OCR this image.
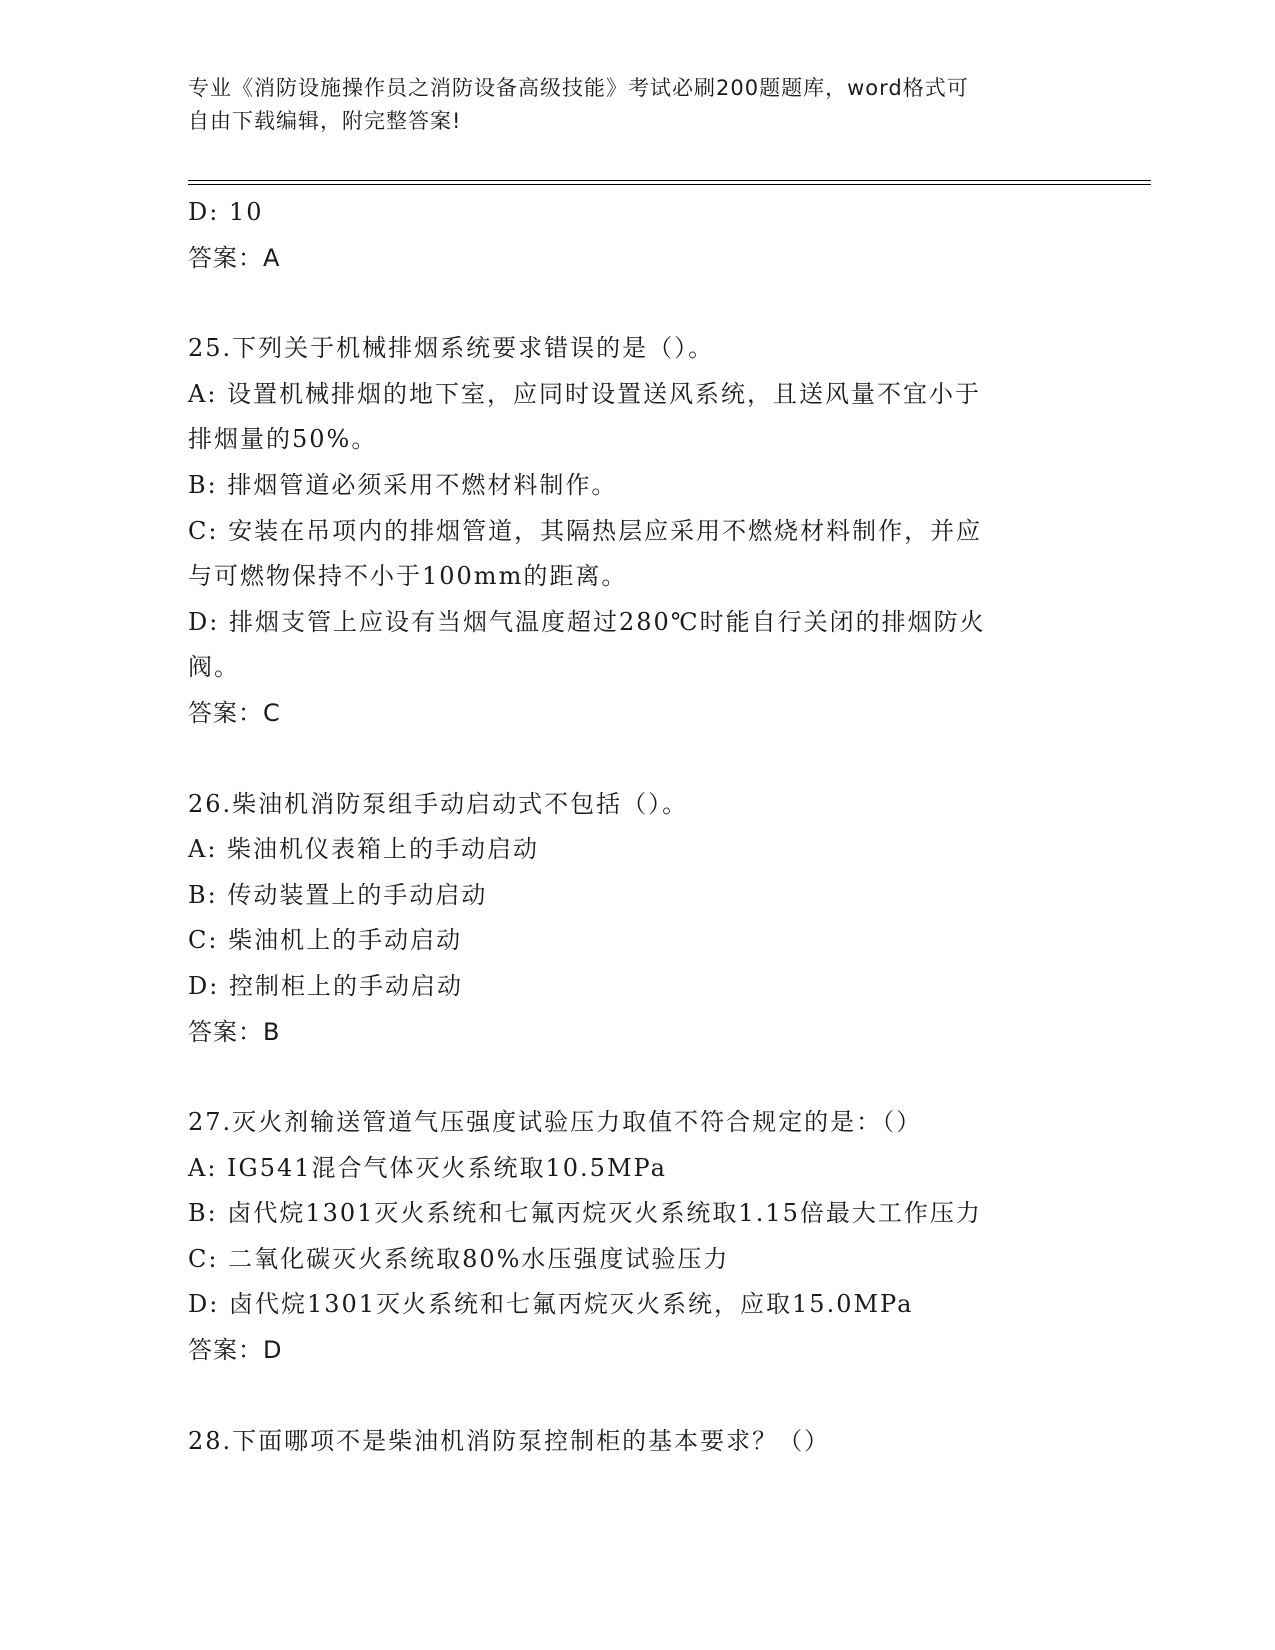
专业《消防设施操作员之消防设备高级技能》考试必刷200题题库，word格式可
自由下载编辑，附完整答案!
D: 10
答案：A
25.下列关于机械排烟系统要求错误的是（）。
A: 设置机械排烟的地下室，应同时设置送风系统，且送风量不宜小于
排烟量的50%。
B: 排烟管道必须采用不燃材料制作。
C: 安装在吊项内的排烟管道，其隔热层应采用不燃烧材料制作，并应
与可燃物保持不小于100mm的距离。
D: 排烟支管上应设有当烟气温度超过280℃时能自行关闭的排烟防火
阀。
答案：C
26.柴油机消防泵组手动启动式不包括（）。
A: 柴油机仪表箱上的手动启动
B: 传动装置上的手动启动
C: 柴油机上的手动启动
D: 控制柜上的手动启动
答案：B
27.灭火剂输送管道气压强度试验压力取值不符合规定的是：（）
A: IG541混合气体灭火系统取10.5MPa
B: 卤代烷1301灭火系统和七氟丙烷灭火系统取1.15倍最大工作压力
C: 二氧化碳灭火系统取80%水压强度试验压力
D: 卤代烷1301灭火系统和七氟丙烷灭火系统，应取15.0MPa
答案：D
28.下面哪项不是柴油机消防泵控制柜的基本要求？（）
